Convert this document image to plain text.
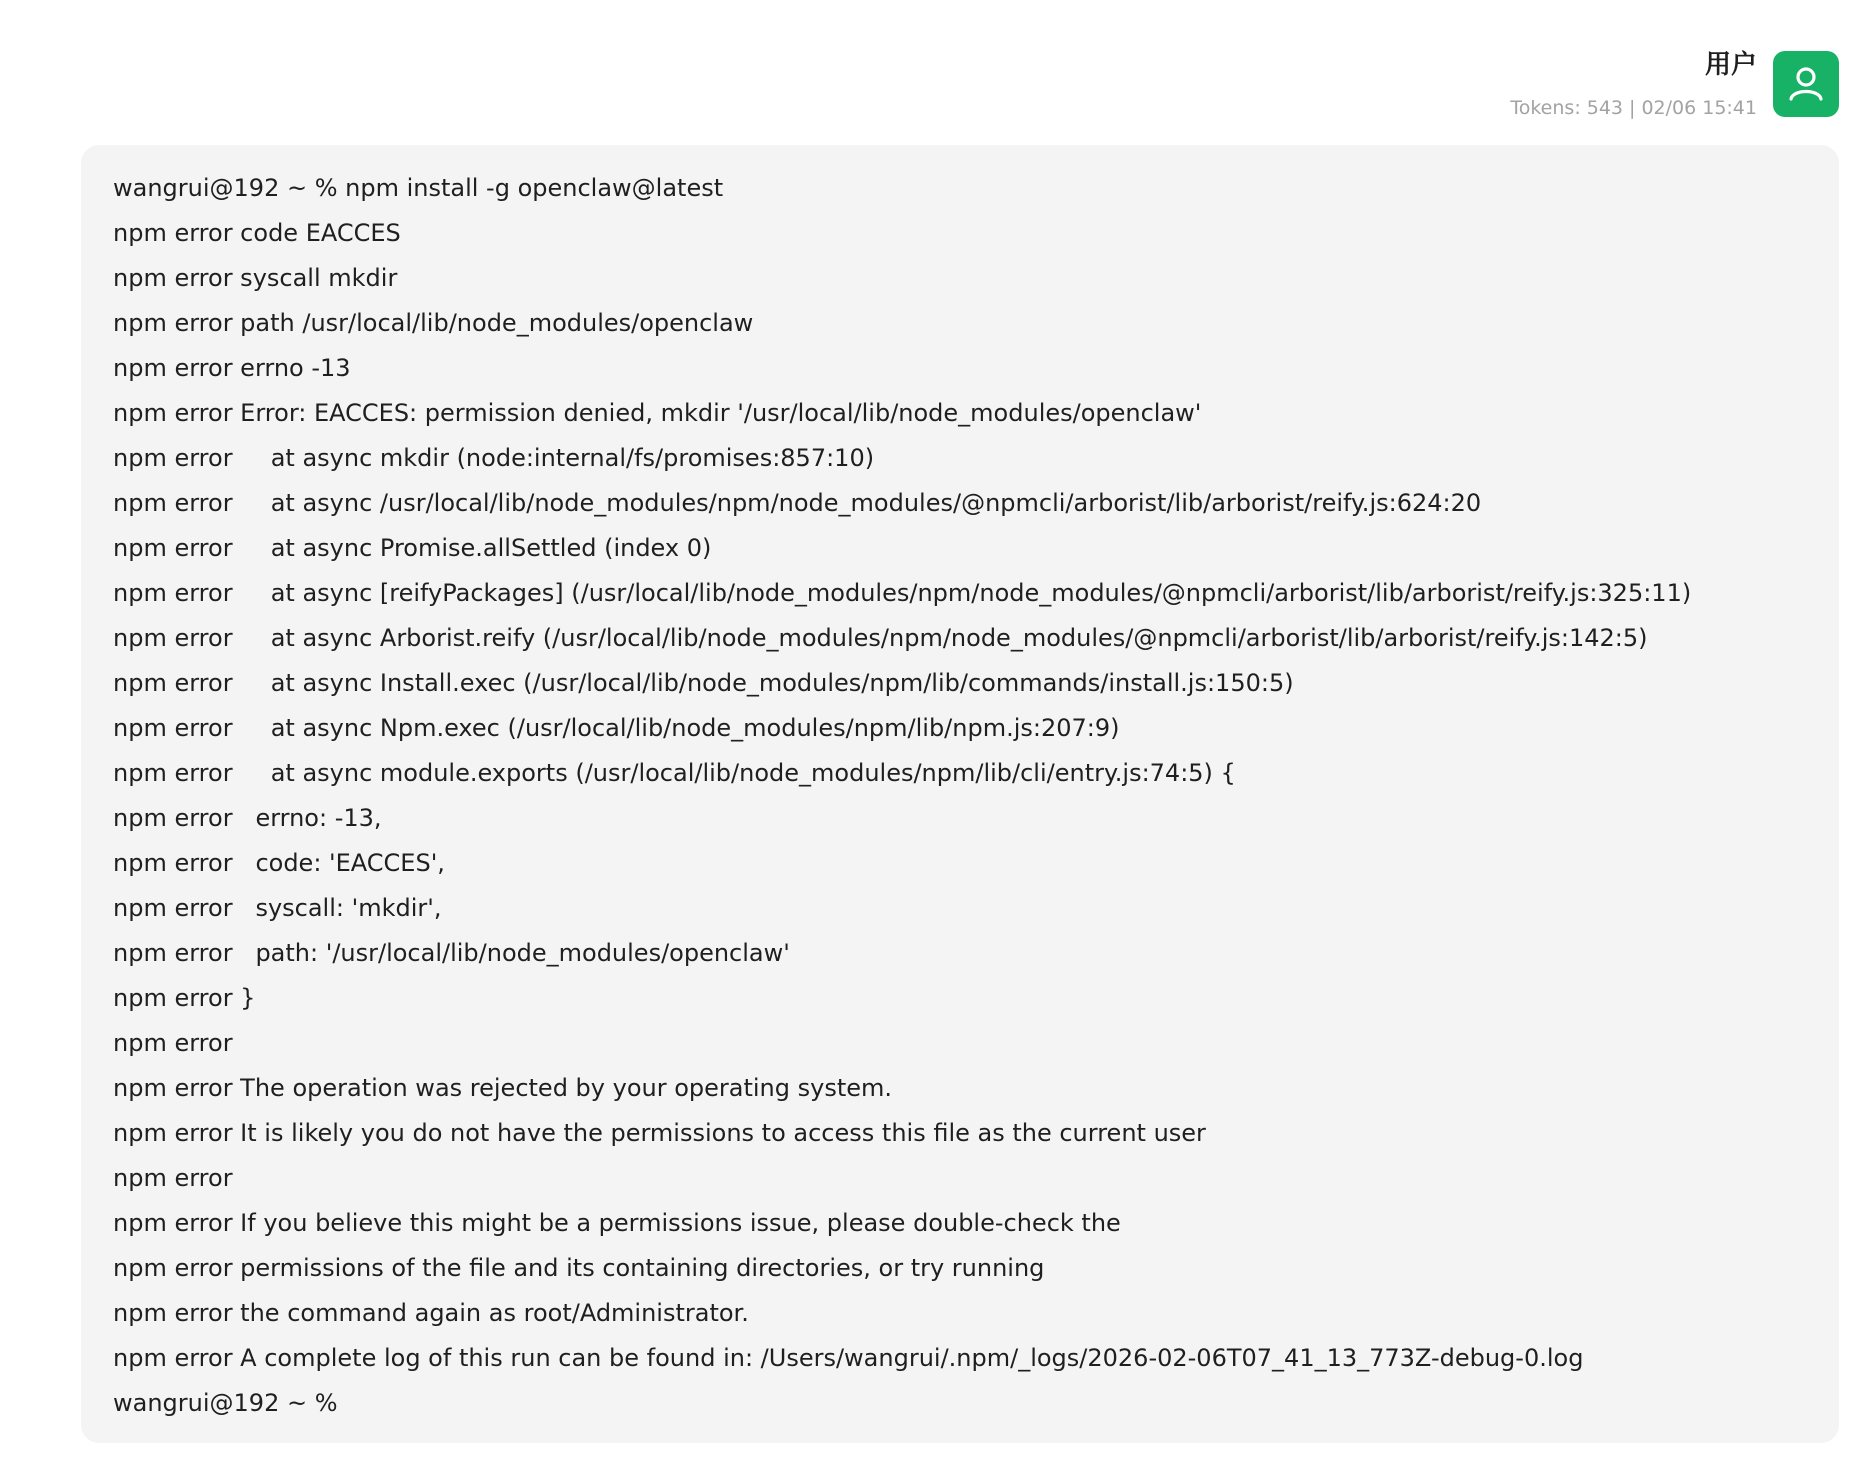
用户
Tokens: 543 | 02/06 15:41
wangrui@192 ~ % npm install -g openclaw@latest
npm error code EACCES
npm error syscall mkdir
npm error path /usr/local/lib/node_modules/openclaw
npm error errno -13
npm error Error: EACCES: permission denied, mkdir '/usr/local/lib/node_modules/openclaw'
npm error     at async mkdir (node:internal/fs/promises:857:10)
npm error     at async /usr/local/lib/node_modules/npm/node_modules/@npmcli/arborist/lib/arborist/reify.js:624:20
npm error     at async Promise.allSettled (index 0)
npm error     at async [reifyPackages] (/usr/local/lib/node_modules/npm/node_modules/@npmcli/arborist/lib/arborist/reify.js:325:11)
npm error     at async Arborist.reify (/usr/local/lib/node_modules/npm/node_modules/@npmcli/arborist/lib/arborist/reify.js:142:5)
npm error     at async Install.exec (/usr/local/lib/node_modules/npm/lib/commands/install.js:150:5)
npm error     at async Npm.exec (/usr/local/lib/node_modules/npm/lib/npm.js:207:9)
npm error     at async module.exports (/usr/local/lib/node_modules/npm/lib/cli/entry.js:74:5) {
npm error   errno: -13,
npm error   code: 'EACCES',
npm error   syscall: 'mkdir',
npm error   path: '/usr/local/lib/node_modules/openclaw'
npm error }
npm error
npm error The operation was rejected by your operating system.
npm error It is likely you do not have the permissions to access this file as the current user
npm error
npm error If you believe this might be a permissions issue, please double-check the
npm error permissions of the file and its containing directories, or try running
npm error the command again as root/Administrator.
npm error A complete log of this run can be found in: /Users/wangrui/.npm/_logs/2026-02-06T07_41_13_773Z-debug-0.log
wangrui@192 ~ %
